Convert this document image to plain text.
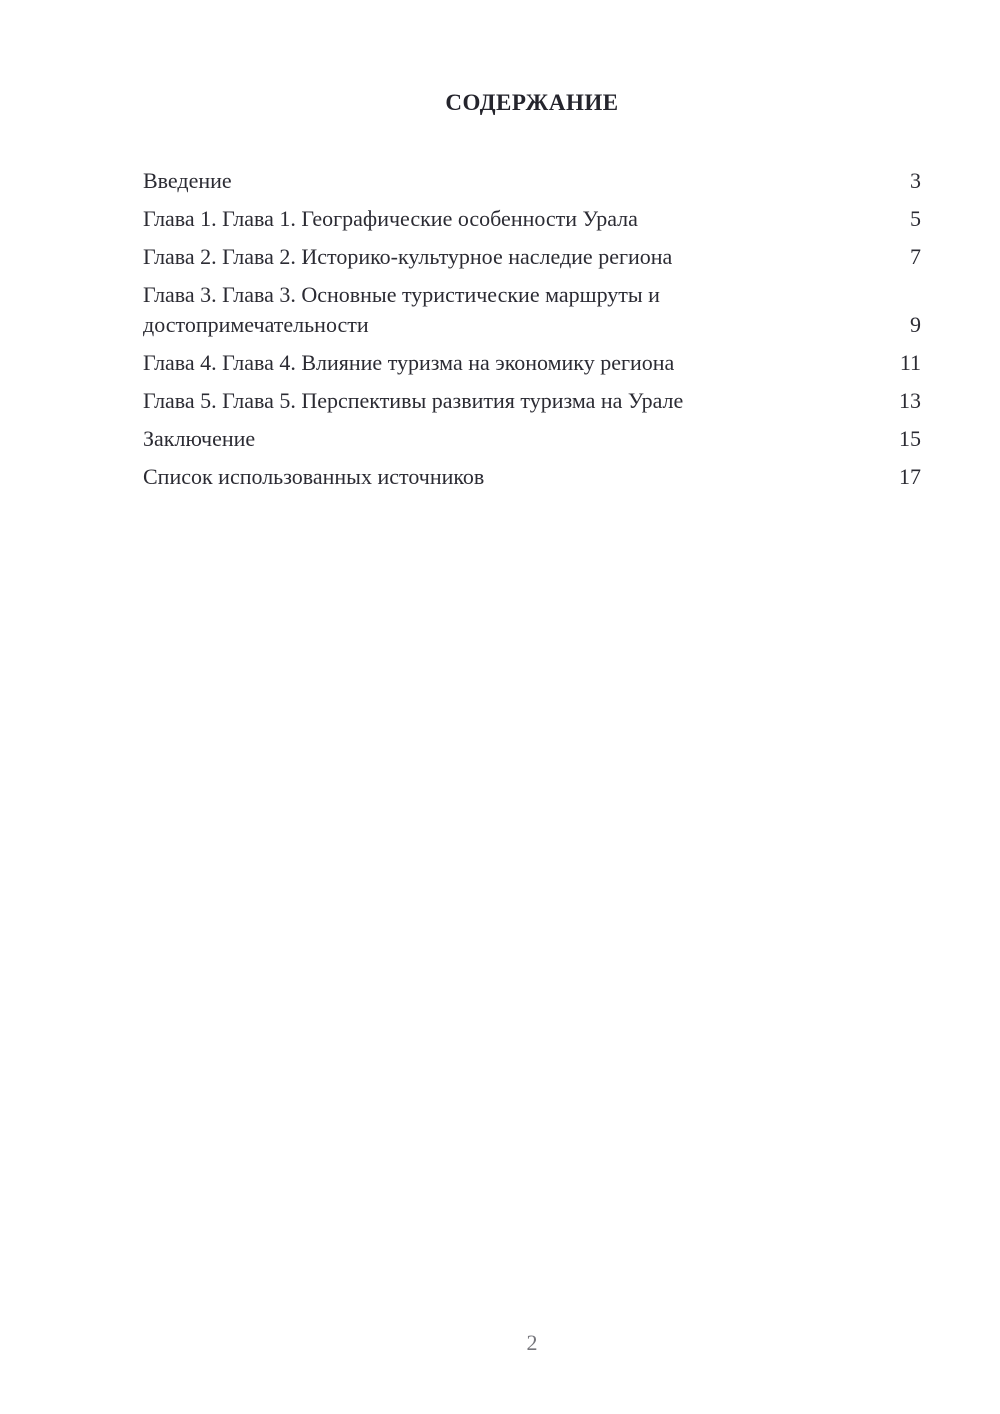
СОДЕРЖАНИЕ
Введение	3
Глава 1. Глава 1. Географические особенности Урала	5
Глава 2. Глава 2. Историко-культурное наследие региона	7
Глава 3. Глава 3. Основные туристические маршруты и достопримечательности	9
Глава 4. Глава 4. Влияние туризма на экономику региона	11
Глава 5. Глава 5. Перспективы развития туризма на Урале	13
Заключение	15
Список использованных источников	17
2
